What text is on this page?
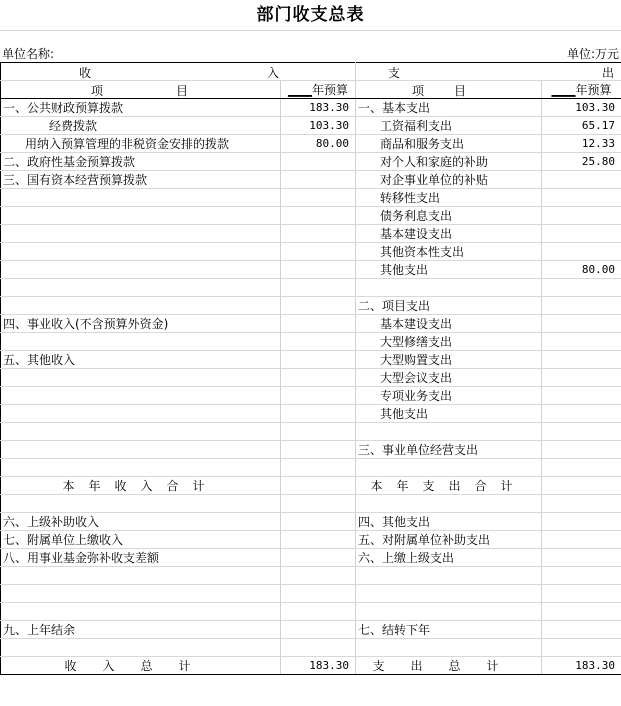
部门收支总表
单位名称:	单位:万元
收 入		支 出	

项 目	____年预算	项 目	____年预算
一、公共财政预算拨款	183.30	一、基本支出	103.30
经费拨款	103.30	工资福利支出	65.17
用纳入预算管理的非税资金安排的拨款	80.00	商品和服务支出	12.33
二、政府性基金预算拨款		对个人和家庭的补助	25.80
三、国有资本经营预算拨款		对企事业单位的补贴	
		转移性支出	
		债务利息支出	
		基本建设支出	
		其他资本性支出	
		其他支出	80.00

		二、项目支出	
四、事业收入(不含预算外资金)		基本建设支出	
		大型修缮支出	
五、其他收入		大型购置支出	
		大型会议支出	
		专项业务支出	
		其他支出	

		三、事业单位经营支出	

本年收入合计		本年支出合计	

六、上级补助收入		四、其他支出	
七、附属单位上缴收入		五、对附属单位补助支出	
八、用事业基金弥补收支差额		六、上缴上级支出	

九、上年结余		七、结转下年	

收入总计	183.30	支出总计	183.30
